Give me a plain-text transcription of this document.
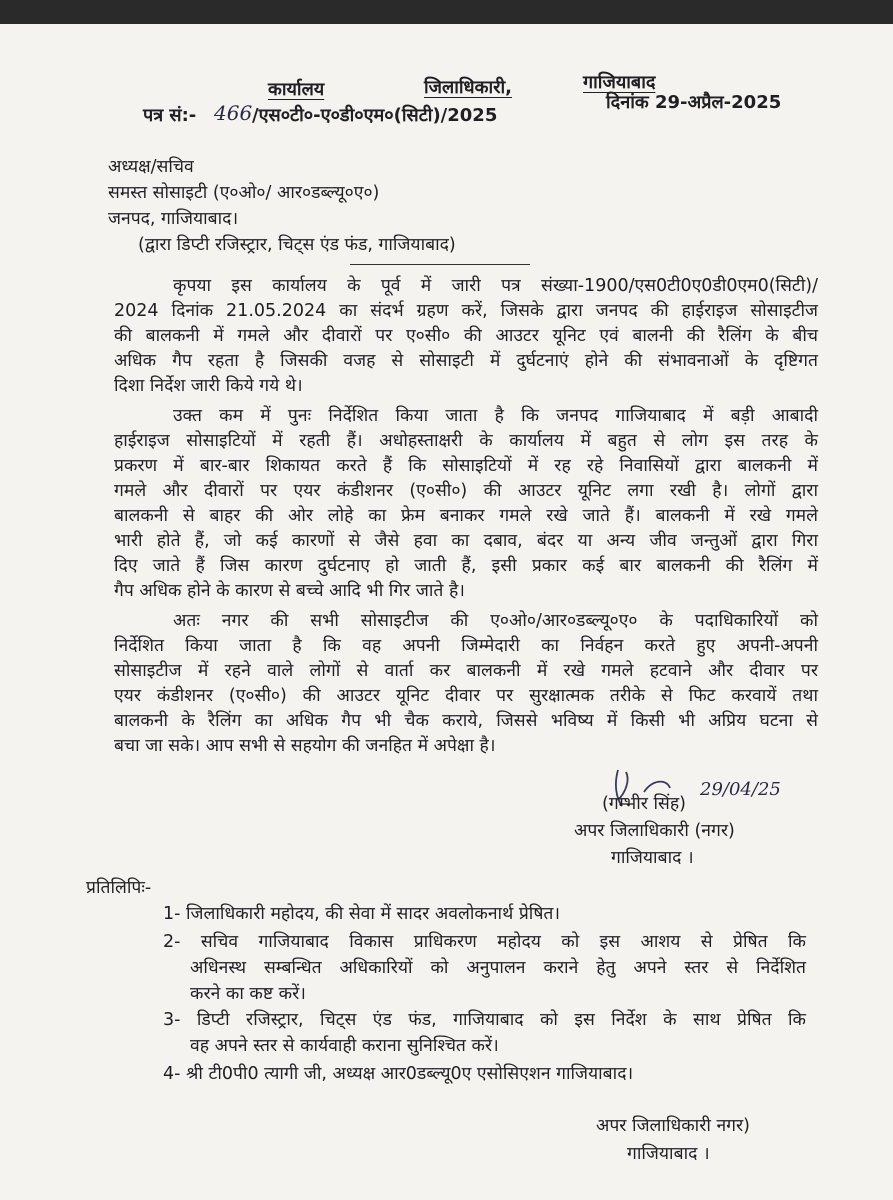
कार्यालय	जिलाधिकारी,	गाजियाबाद
पत्र सं:- 466 /एस०टी०-ए०डी०एम०(सिटी)/2025
दिनांक 29-अप्रैल-2025
अध्यक्ष/सचिव
समस्त सोसाइटी (ए०ओ०/ आर०डब्ल्यू०ए०)
जनपद, गाजियाबाद।
(द्वारा डिप्टी रजिस्ट्रार, चिट्स एंड फंड, गाजियाबाद)
कृपया इस कार्यालय के पूर्व में जारी पत्र संख्या-1900/एस0टी0ए0डी0एम0(सिटी)/
2024 दिनांक 21.05.2024 का संदर्भ ग्रहण करें, जिसके द्वारा जनपद की हाईराइज सोसाइटीज
की बालकनी में गमले और दीवारों पर ए०सी० की आउटर यूनिट एवं बालनी की रैलिंग के बीच
अधिक गैप रहता है जिसकी वजह से सोसाइटी में दुर्घटनाएं होने की संभावनाओं के दृष्टिगत
दिशा निर्देश जारी किये गये थे।
उक्त कम में पुनः निर्देशित किया जाता है कि जनपद गाजियाबाद में बड़ी आबादी
हाईराइज सोसाइटियों में रहती हैं। अधोहस्ताक्षरी के कार्यालय में बहुत से लोग इस तरह के
प्रकरण में बार-बार शिकायत करते हैं कि सोसाइटियों में रह रहे निवासियों द्वारा बालकनी में
गमले और दीवारों पर एयर कंडीशनर (ए०सी०) की आउटर यूनिट लगा रखी है। लोगों द्वारा
बालकनी से बाहर की ओर लोहे का फ्रेम बनाकर गमले रखे जाते हैं। बालकनी में रखे गमले
भारी होते हैं, जो कई कारणों से जैसे हवा का दबाव, बंदर या अन्य जीव जन्तुओं द्वारा गिरा
दिए जाते हैं जिस कारण दुर्घटनाए हो जाती हैं, इसी प्रकार कई बार बालकनी की रैलिंग में
गैप अधिक होने के कारण से बच्चे आदि भी गिर जाते है।
अतः नगर की सभी सोसाइटीज की ए०ओ०/आर०डब्ल्यू०ए० के पदाधिकारियों को
निर्देशित किया जाता है कि वह अपनी जिम्मेदारी का निर्वहन करते हुए अपनी-अपनी
सोसाइटीज में रहने वाले लोगों से वार्ता कर बालकनी में रखे गमले हटवाने और दीवार पर
एयर कंडीशनर (ए०सी०) की आउटर यूनिट दीवार पर सुरक्षात्मक तरीके से फिट करवायें तथा
बालकनी के रैलिंग का अधिक गैप भी चैक कराये, जिससे भविष्य में किसी भी अप्रिय घटना से
बचा जा सके। आप सभी से सहयोग की जनहित में अपेक्षा है।
(गम्भीर सिंह)
29/04/25
अपर जिलाधिकारी (नगर)
गाजियाबाद ।
प्रतिलिपिः-
1- जिलाधिकारी महोदय, की सेवा में सादर अवलोकनार्थ प्रेषित।
2- सचिव गाजियाबाद विकास प्राधिकरण महोदय को इस आशय से प्रेषित कि
अधिनस्थ सम्बन्धित अधिकारियों को अनुपालन कराने हेतु अपने स्तर से निर्देशित
करने का कष्ट करें।
3- डिप्टी रजिस्ट्रार, चिट्स एंड फंड, गाजियाबाद को इस निर्देश के साथ प्रेषित कि
वह अपने स्तर से कार्यवाही कराना सुनिश्चित करें।
4- श्री टी0पी0 त्यागी जी, अध्यक्ष आर0डब्ल्यू0ए एसोसिएशन गाजियाबाद।
अपर जिलाधिकारी नगर)
गाजियाबाद ।
